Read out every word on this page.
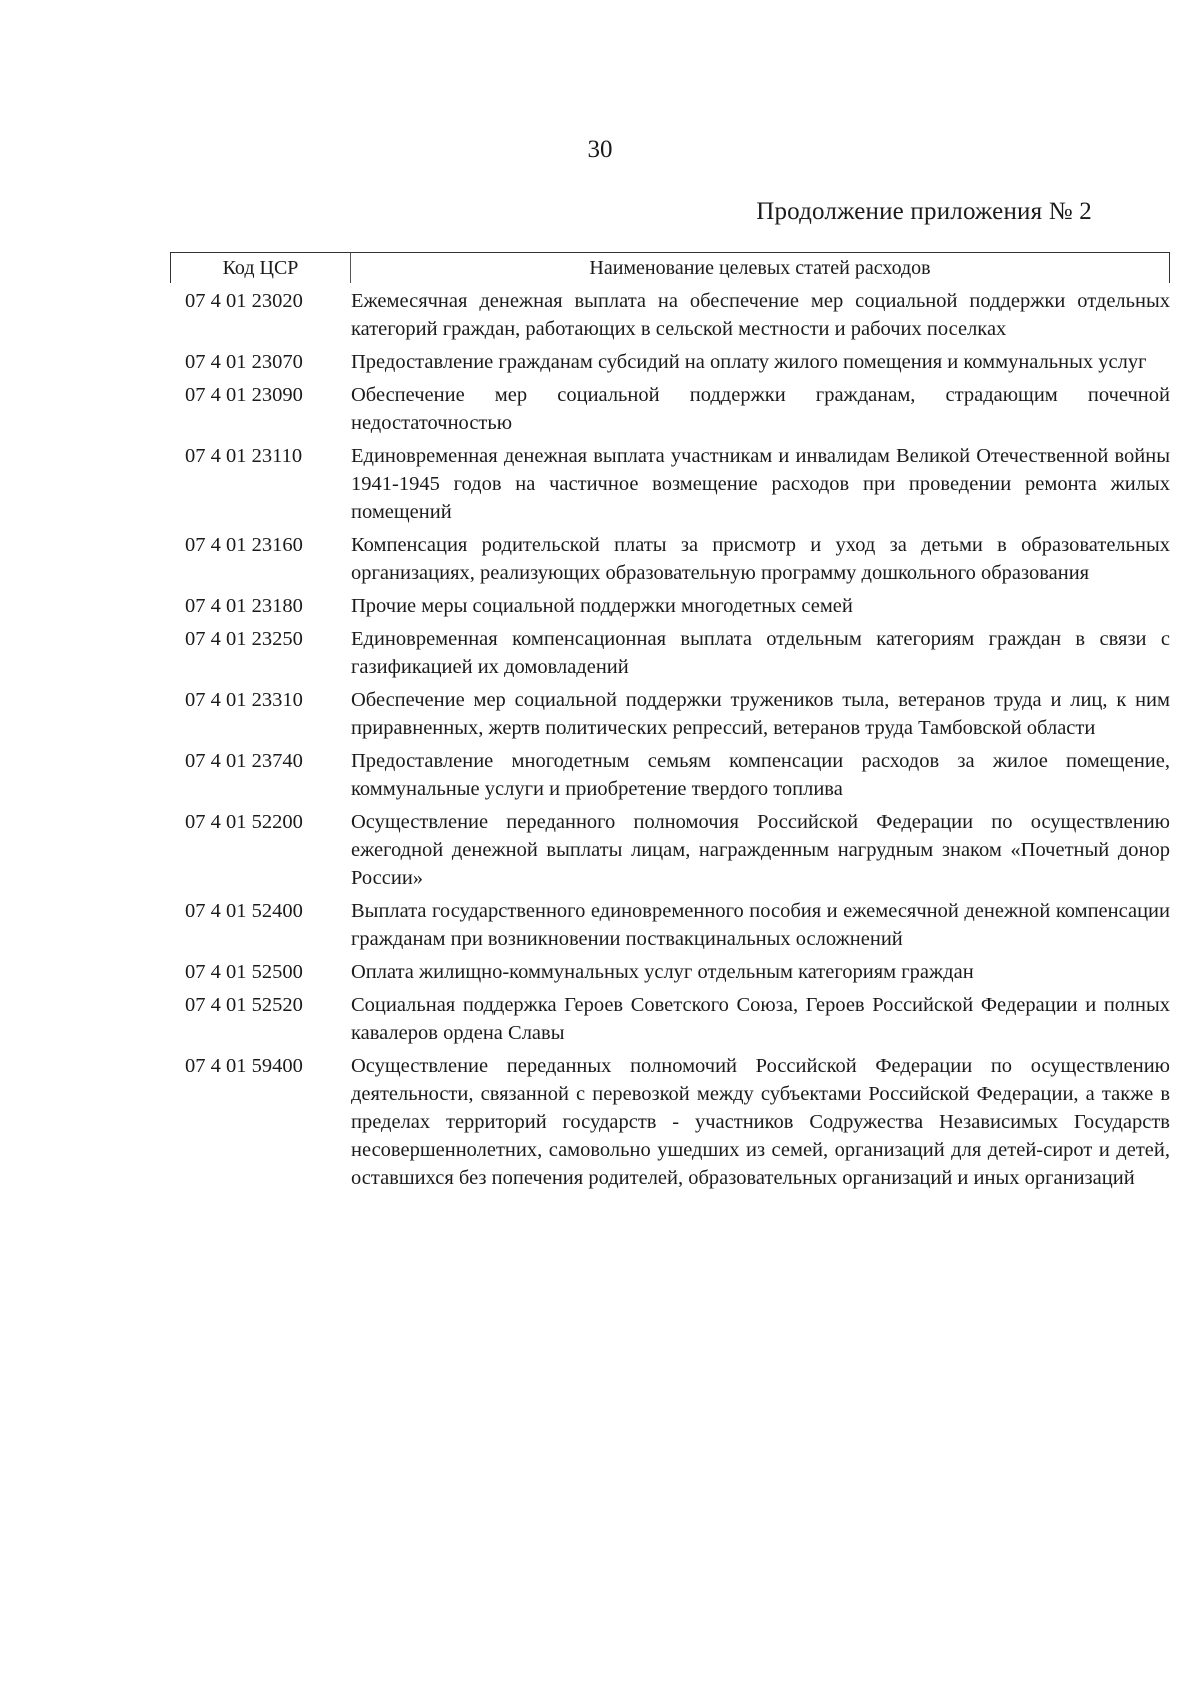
30
Продолжение приложения № 2
Код ЦСР	Наименование целевых статей расходов
07 4 01 23020	Ежемесячная денежная выплата на обеспечение мер социальной поддержки отдельных категорий граждан, работающих в сельской местности и рабочих поселках
07 4 01 23070	Предоставление гражданам субсидий на оплату жилого помещения и коммунальных услуг
07 4 01 23090	Обеспечение мер социальной поддержки гражданам, страдающим почечной недостаточностью
07 4 01 23110	Единовременная денежная выплата участникам и инвалидам Великой Отечественной войны 1941-1945 годов на частичное возмещение расходов при проведении ремонта жилых помещений
07 4 01 23160	Компенсация родительской платы за присмотр и уход за детьми в образовательных организациях, реализующих образовательную программу дошкольного образования
07 4 01 23180	Прочие меры социальной поддержки многодетных семей
07 4 01 23250	Единовременная компенсационная выплата отдельным категориям граждан в связи с газификацией их домовладений
07 4 01 23310	Обеспечение мер социальной поддержки тружеников тыла, ветеранов труда и лиц, к ним приравненных, жертв политических репрессий, ветеранов труда Тамбовской области
07 4 01 23740	Предоставление многодетным семьям компенсации расходов за жилое помещение, коммунальные услуги и приобретение твердого топлива
07 4 01 52200	Осуществление переданного полномочия Российской Федерации по осуществлению ежегодной денежной выплаты лицам, награжденным нагрудным знаком «Почетный донор России»
07 4 01 52400	Выплата государственного единовременного пособия и ежемесячной денежной компенсации гражданам при возникновении поствакцинальных осложнений
07 4 01 52500	Оплата жилищно-коммунальных услуг отдельным категориям граждан
07 4 01 52520	Социальная поддержка Героев Советского Союза, Героев Российской Федерации и полных кавалеров ордена Славы
07 4 01 59400	Осуществление переданных полномочий Российской Федерации по осуществлению деятельности, связанной с перевозкой между субъектами Российской Федерации, а также в пределах территорий государств - участников Содружества Независимых Государств несовершеннолетних, самовольно ушедших из семей, организаций для детей-сирот и детей, оставшихся без попечения родителей, образовательных организаций и иных организаций
